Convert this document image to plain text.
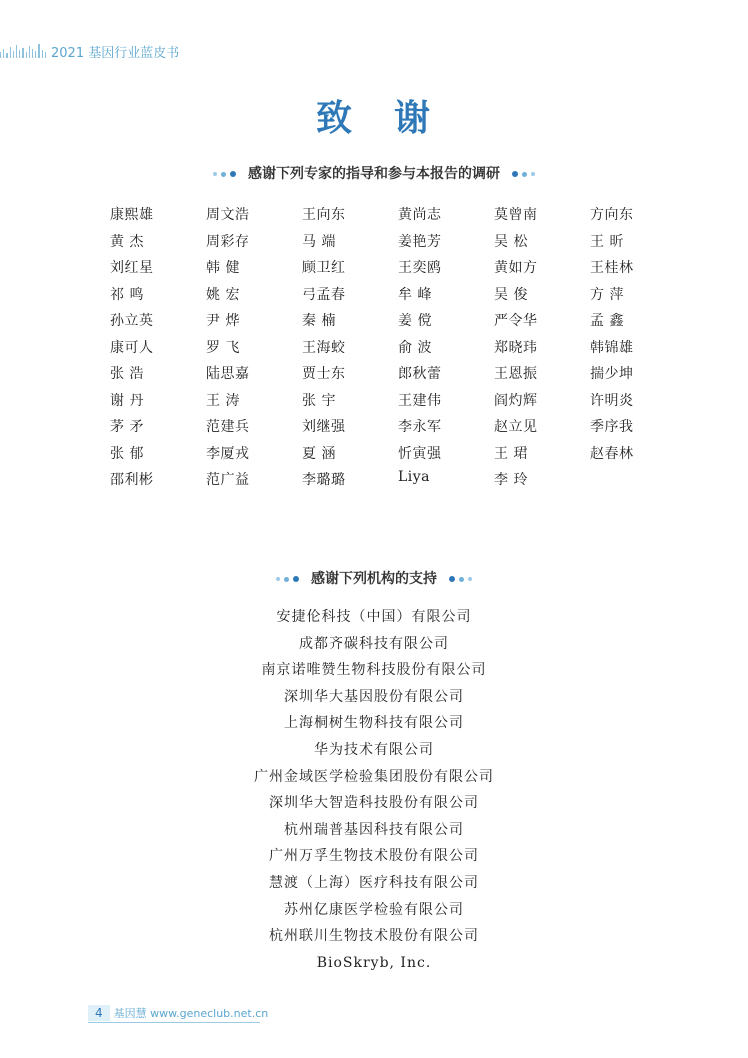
2021 基因行业蓝皮书
致 谢
感谢下列专家的指导和参与本报告的调研
康熙雄	周文浩	王向东	黄尚志	莫曾南	方向东
黄 杰	周彩存	马 端	姜艳芳	吴 松	王 昕
刘红星	韩 健	顾卫红	王奕鸥	黄如方	王桂林
祁 鸣	姚 宏	弓孟春	牟 峰	吴 俊	方 萍
孙立英	尹 烨	秦 楠	姜 傥	严令华	孟 鑫
康可人	罗 飞	王海蛟	俞 波	郑晓玮	韩锦雄
张 浩	陆思嘉	贾士东	郎秋蕾	王恩振	揣少坤
谢 丹	王 涛	张 宇	王建伟	阎灼辉	许明炎
茅 矛	范建兵	刘继强	李永军	赵立见	季序我
张 郁	李厦戎	夏 涵	忻寅强	王 珺	赵春林
邵利彬	范广益	李璐璐	Liya	李 玲
感谢下列机构的支持
安捷伦科技（中国）有限公司
成都齐碳科技有限公司
南京诺唯赞生物科技股份有限公司
深圳华大基因股份有限公司
上海桐树生物科技有限公司
华为技术有限公司
广州金域医学检验集团股份有限公司
深圳华大智造科技股份有限公司
杭州瑞普基因科技有限公司
广州万孚生物技术股份有限公司
慧渡（上海）医疗科技有限公司
苏州亿康医学检验有限公司
杭州联川生物技术股份有限公司
BioSkryb, Inc.
4 基因慧 www.geneclub.net.cn
